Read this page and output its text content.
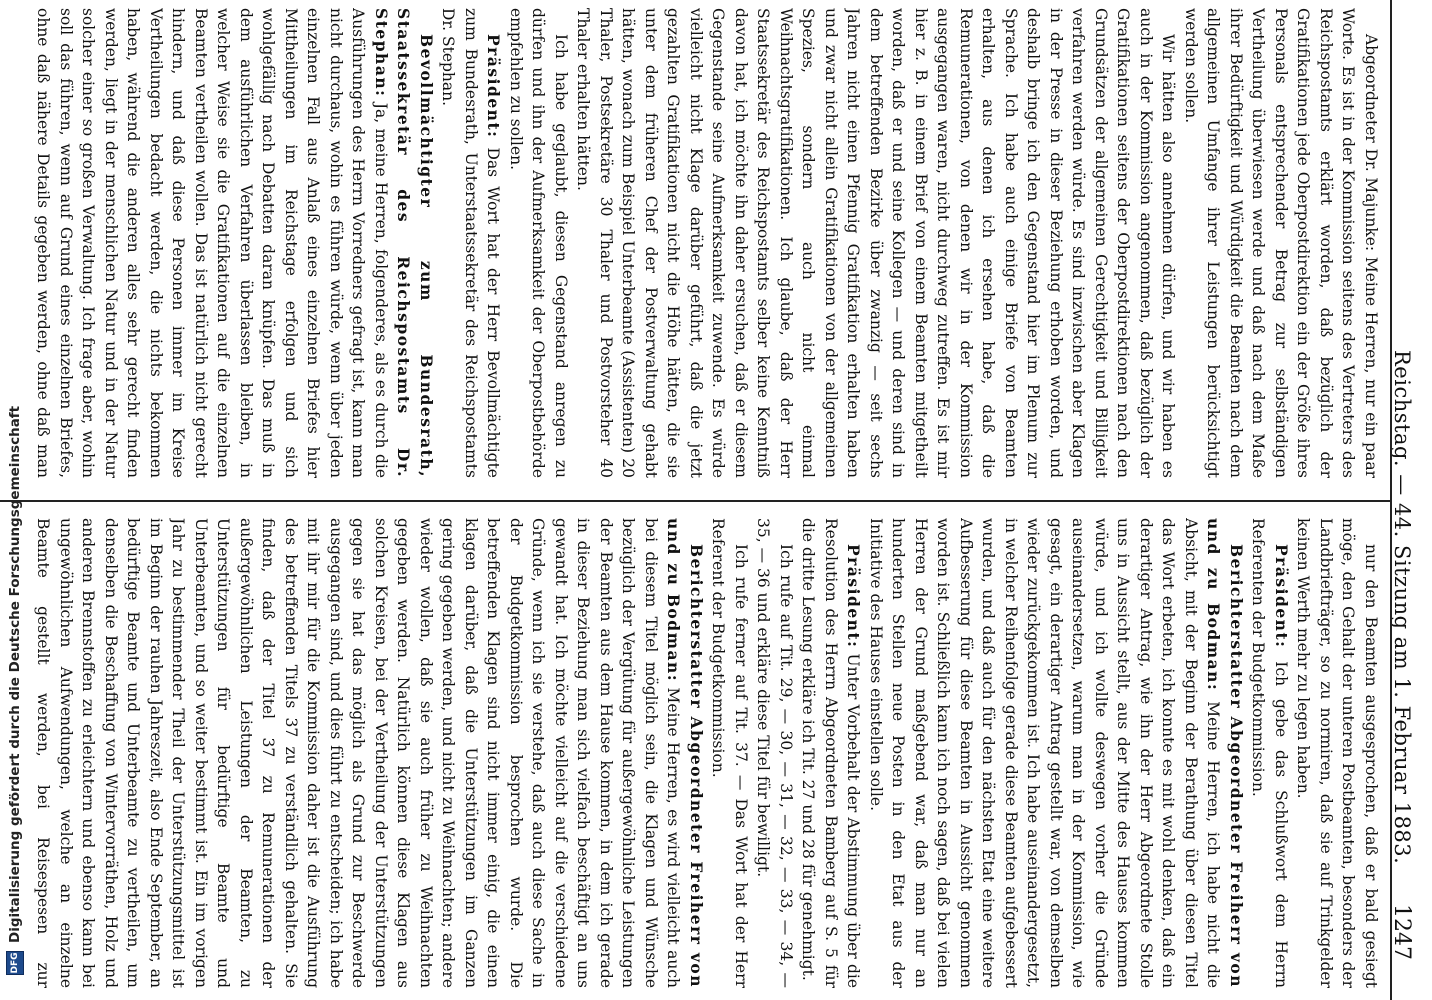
Reichstag. — 44. Sitzung am 1. Februar 1883.
1247

Abgeordneter Dr. Majunke: Meine Herren, nur ein paar Worte. Es ist in der Kommission seitens des Vertreters des Reichspostamts erklärt worden, daß bezüglich der Gratifikationen jede Oberpostdirektion ein der Größe ihres Personals entsprechender Betrag zur selbständigen Vertheilung überwiesen werde und daß nach dem Maße ihrer Bedürftigkeit und Würdigkeit die Beamten nach dem allgemeinen Umfange ihrer Leistungen berücksichtigt werden sollen.

Wir hätten also annehmen dürfen, und wir haben es auch in der Kommission angenommen, daß bezüglich der Gratifikationen seitens der Oberpostdirektionen nach den Grundsätzen der allgemeinen Gerechtigkeit und Billigkeit verfahren werden würde. Es sind inzwischen aber Klagen in der Presse in dieser Beziehung erhoben worden, und deshalb bringe ich den Gegenstand hier im Plenum zur Sprache. Ich habe auch einige Briefe von Beamten erhalten, aus denen ich ersehen habe, daß die Remunerationen, von denen wir in der Kommission ausgegangen waren, nicht durchweg zutreffen. Es ist mir hier z. B. in einem Brief von einem Beamten mitgetheilt worden, daß er und seine Kollegen — und deren sind in dem betreffenden Bezirke über zwanzig — seit sechs Jahren nicht einen Pfennig Gratifikation erhalten haben und zwar nicht allein Gratifikationen von der allgemeinen Spezies, sondern auch nicht einmal Weihnachtsgratifikationen. Ich glaube, daß der Herr Staatssekretär des Reichspostamts selber keine Kenntniß davon hat, ich möchte ihn daher ersuchen, daß er diesem Gegenstande seine Aufmerksamkeit zuwende. Es würde vielleicht nicht Klage darüber geführt, daß die jetzt gezahlten Gratifikationen nicht die Höhe hätten, die sie unter dem früheren Chef der Postverwaltung gehabt hätten, wonach zum Beispiel Unterbeamte (Assistenten) 20 Thaler, Postsekretäre 30 Thaler und Postvorsteher 40 Thaler erhalten hätten.

Ich habe geglaubt, diesen Gegenstand anregen zu dürfen und ihn der Aufmerksamkeit der Oberpostbehörde empfehlen zu sollen.

Präsident: Das Wort hat der Herr Bevollmächtigte zum Bundesrath, Unterstaatssekretär des Reichspostamts Dr. Stephan.

Bevollmächtigter zum Bundesrath, Staatssekretär des Reichspostamts Dr. Stephan: Ja, meine Herren, folgenderes, als es durch die Ausführungen des Herrn Vorredners gefragt ist, kann man nicht durchaus, wohin es führen würde, wenn über jeden einzelnen Fall aus Anlaß eines einzelnen Briefes hier Mittheilungen im Reichstage erfolgen und sich wohlgefällig nach Debatten daran knüpfen. Das muß in dem ausführlichen Verfahren überlassen bleiben, in welcher Weise sie die Gratifikationen auf die einzelnen Beamten vertheilen wollen. Das ist natürlich nicht gerecht hindern, und daß diese Personen immer im Kreise Vertheilungen bedacht werden, die nichts bekommen haben, während die anderen alles sehr gerecht finden werden, liegt in der menschlichen Natur und in der Natur solcher einer so großen Verwaltung. Ich frage aber, wohin soll das führen, wenn auf Grund eines einzelnen Briefes, ohne daß nähere Details gegeben werden, ohne daß man

nur den Beamten ausgesprochen, daß er bald gesiegt möge, den Gehalt der unteren Postbeamten, besonders der Landbriefträger, so zu normiren, daß sie auf Trinkgelder keinen Werth mehr zu legen haben.

Präsident: Ich gebe das Schlußwort dem Herrn Referenten der Budgetkommission.

Berichterstatter Abgeordneter Freiherr von und zu Bodman: Meine Herren, ich habe nicht die Absicht, mit der Beginn der Berathung über diesen Titel das Wort erbeten, ich konnte es mit wohl denken, daß ein derartiger Antrag, wie ihn der Herr Abgeordnete Stolle uns in Aussicht stellt, aus der Mitte des Hauses kommen würde, und ich wollte deswegen vorher die Gründe auseinandersetzen, warum man in der Kommission, wie gesagt, ein derartiger Antrag gestellt war, von demselben wieder zurückgekommen ist. Ich habe auseinandergesetzt, in welcher Reihenfolge gerade diese Beamten aufgebessert wurden, und daß auch für den nächsten Etat eine weitere Aufbesserung für diese Beamten in Aussicht genommen worden ist. Schließlich kann ich noch sagen, daß bei vielen Herren der Grund maßgebend war, daß man nur an hunderten Stellen neue Posten in den Etat aus der Initiative des Hauses einstellen solle.

Präsident: Unter Vorbehalt der Abstimmung über die Resolution des Herrn Abgeordneten Bamberg auf S. 5 für die dritte Lesung erkläre ich Tit. 27 und 28 für genehmigt.

Ich rufe auf Tit. 29, — 30, — 31, — 32, — 33, — 34, — 35, — 36 und erkläre diese Titel für bewilligt.

Ich rufe ferner auf Tit. 37. — Das Wort hat der Herr Referent der Budgetkommission.

Berichterstatter Abgeordneter Freiherr von und zu Bodman: Meine Herren, es wird vielleicht auch bei diesem Titel möglich sein, die Klagen und Wünsche bezüglich der Vergütung für außergewöhnliche Leistungen der Beamten aus dem Hause kommen, in dem ich gerade in dieser Beziehung man sich vielfach beschäftigt an uns gewandt hat. Ich möchte vielleicht auf die verschiedene Gründe, wenn ich sie verstehe, daß auch diese Sache in der Budgetkommission besprochen wurde. Die betreffenden Klagen sind nicht immer einig, die einen klagen darüber, daß die Unterstützungen im Ganzen gering gegeben werden, und nicht zu Weihnachten; andere wieder wollen, daß sie auch früher zu Weihnachten gegeben werden. Natürlich können diese Klagen aus solchen Kreisen, bei der Vertheilung der Unterstützungen gegen sie hat das möglich als Grund zur Beschwerde ausgegangen sind, und dies führt zu entscheiden; ich habe mit ihr mir für die Kommission daher ist die Ausführung des betreffenden Titels 37 zu verständlich gehalten. Sie finden, daß der Titel 37 zu Remunerationen der außergewöhnlichen Leistungen der Beamten, zu Unterstützungen für bedürftige Beamte und Unterbeamten, und so weiter bestimmt ist. Ein im vorigen Jahr zu bestimmender Theil der Unterstützungsmittel ist im Beginn der rauhen Jahreszeit, also Ende September, an bedürftige Beamte und Unterbeamte zu vertheilen, um denselben die Beschaffung von Wintervorräthen, Holz und anderen Brennstoffen zu erleichtern und ebenso kann bei ungewöhnlichen Aufwendungen, welche an einzelne Beamte gestellt werden, bei Reisespesen zur

DFG
Digitalisierung gefördert durch die Deutsche Forschungsgemeinschaft
